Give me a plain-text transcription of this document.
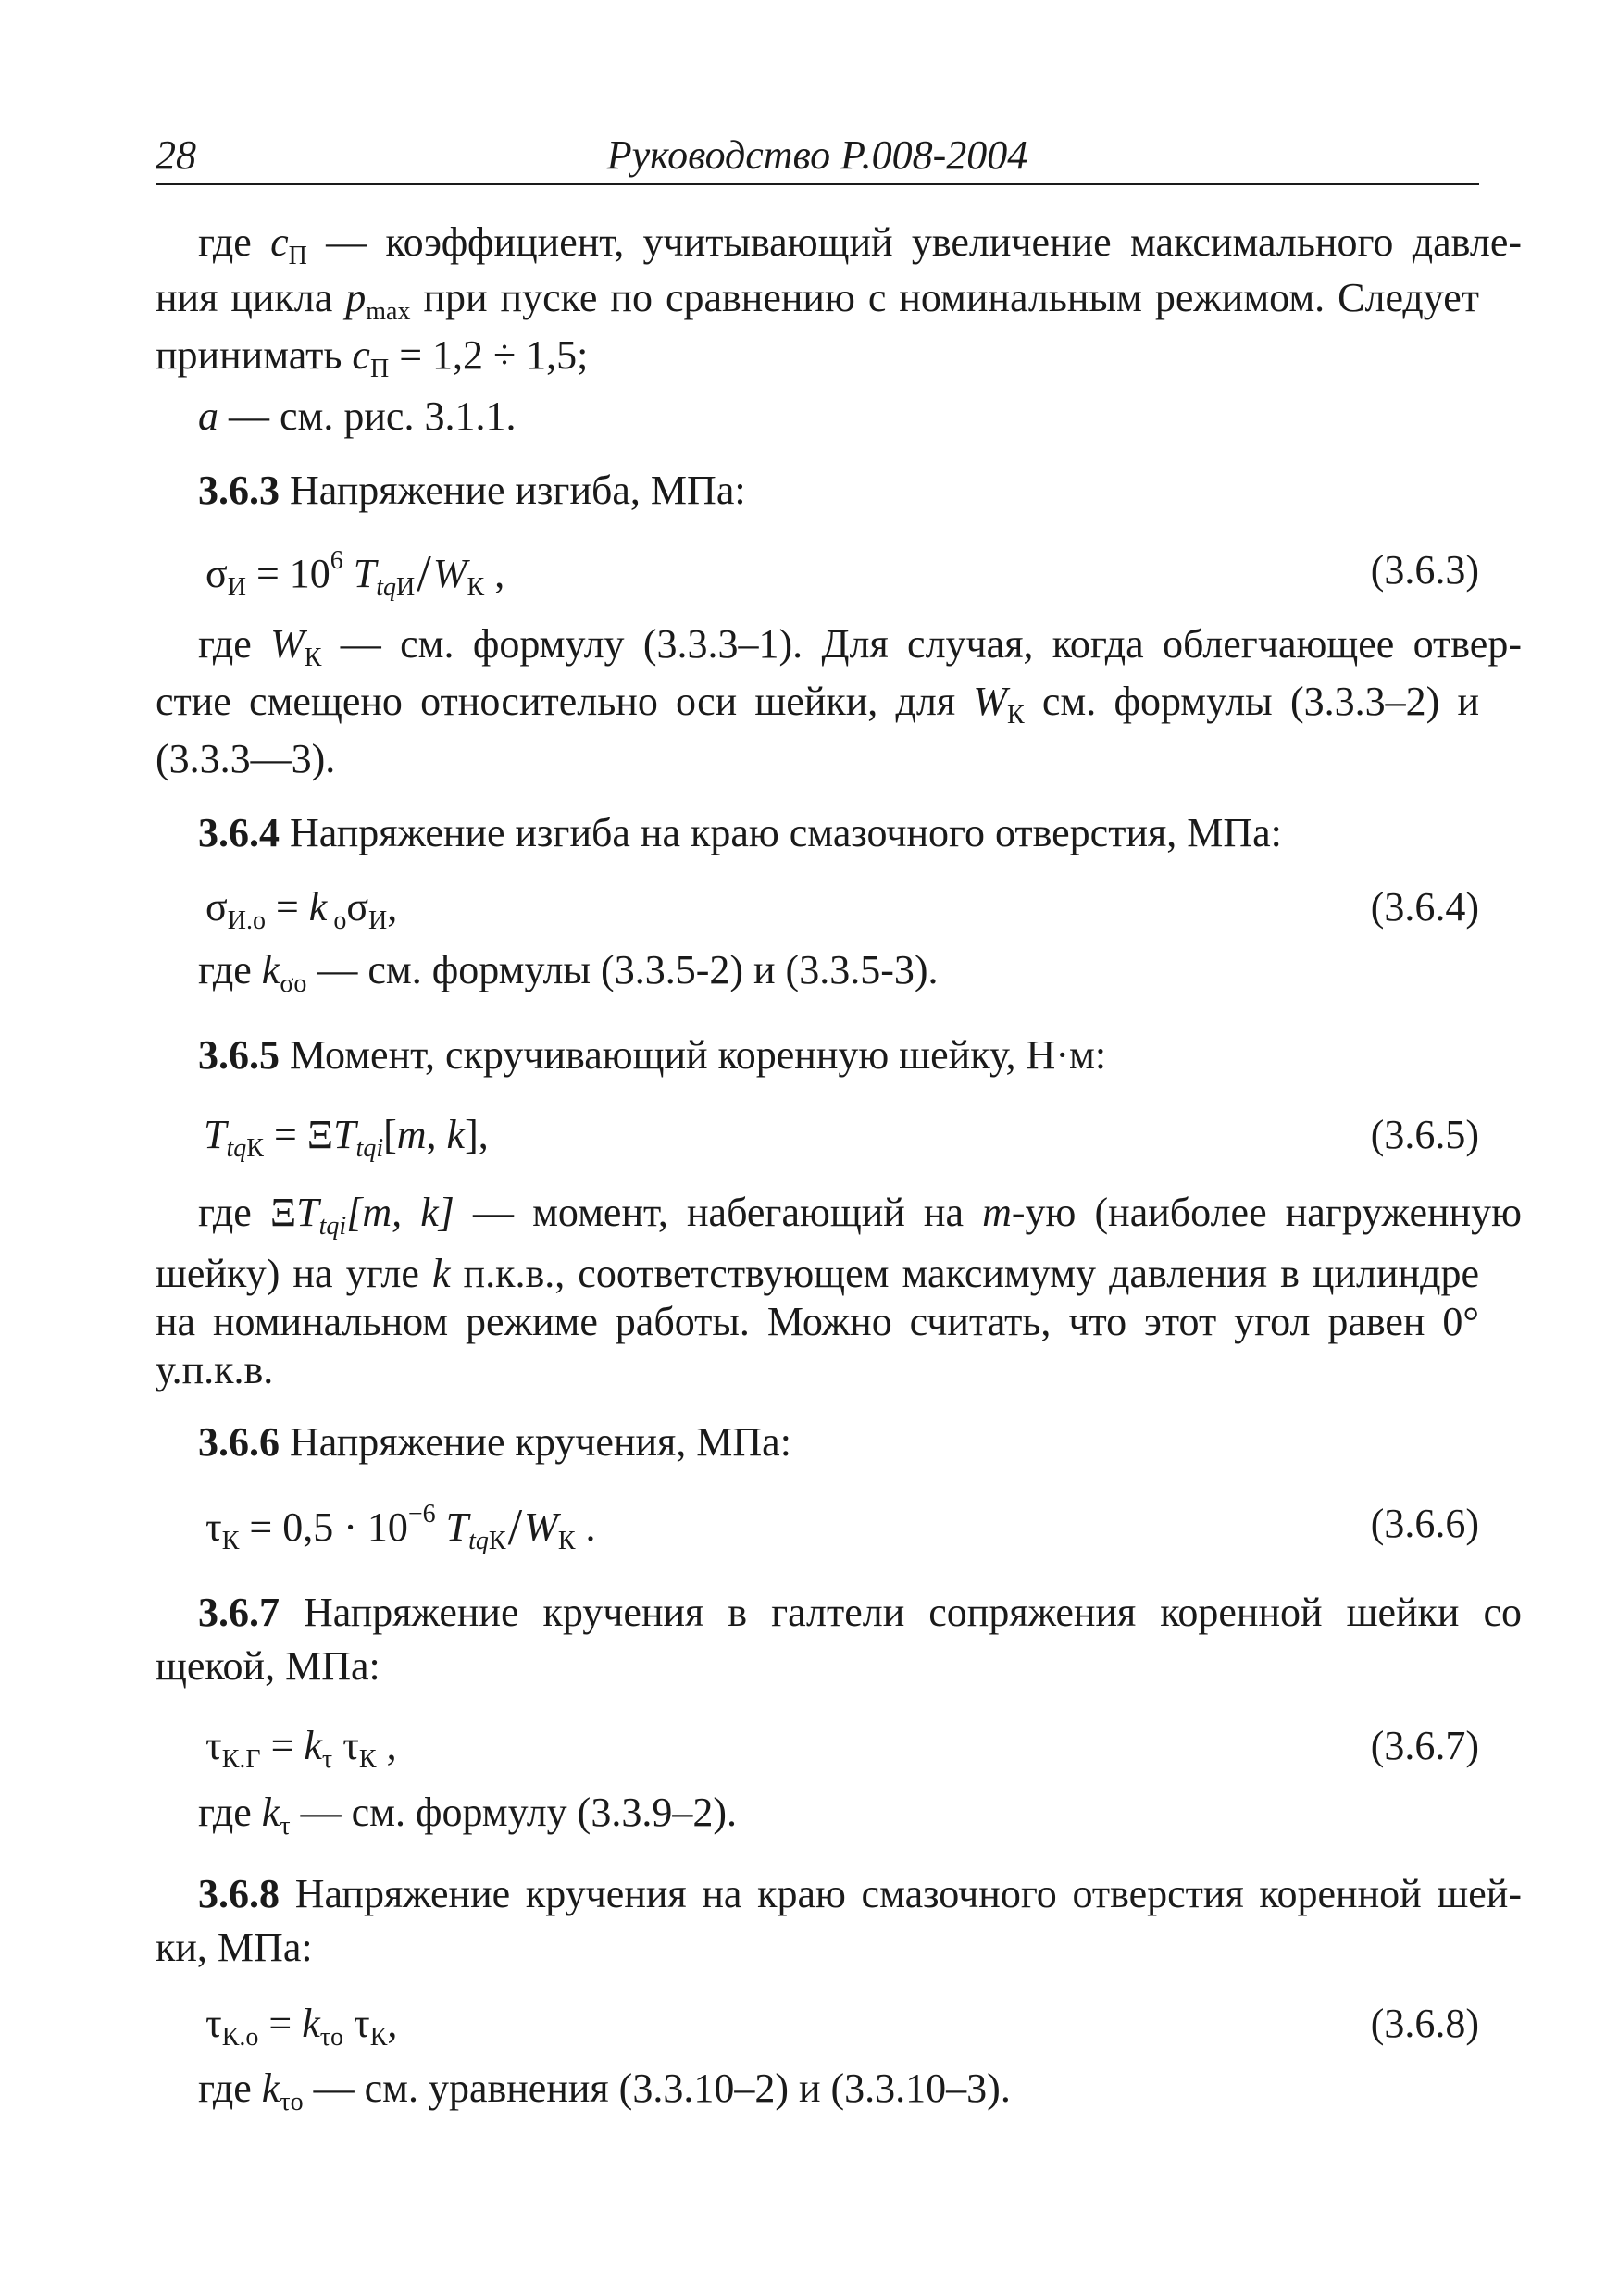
28	Руководство Р.008-2004
где $c_П$ — коэффициент, учитывающий увеличение максимального давле-
ния цикла $p_{max}$ при пуске по сравнению с номинальным режимом. Следует
принимать $c_П = 1,2 \div 1,5$;
a — см. рис. 3.1.1.
3.6.3 Напряжение изгиба, МПа:
$\sigma_И = 10^6$ $T_{tqИ}/W_К$ ,	(3.6.3)
где $W_К$ — см. формулу (3.3.3–1). Для случая, когда облегчающее отвер-
стие смещено относительно оси шейки, для $W_К$ см. формулы (3.3.3–2) и
(3.3.3—3).
3.6.4 Напряжение изгиба на краю смазочного отверстия, МПа:
$\sigma_{И.о} = k$ $_о\sigma_И$,	(3.6.4)
где $k_{\sigma о}$ — см. формулы (3.3.5-2) и (3.3.5-3).
3.6.5 Момент, скручивающий коренную шейку, Н·м:
$T_{tqК} = \Xi T_{tqi}[m$, k],	(3.6.5)
где $\Xi T_{tqi}[m$, k] — момент, набегающий на m-ую (наиболее нагруженную
шейку) на угле k п.к.в., соответствующем максимуму давления в цилиндре
на номинальном режиме работы. Можно считать, что этот угол равен 0°
у.п.к.в.
3.6.6 Напряжение кручения, МПа:
$\tau_К = 0,5 \cdot 10^{-6}$ $T_{tqК}/W_К$ .	(3.6.6)
3.6.7 Напряжение кручения в галтели сопряжения коренной шейки со
щекой, МПа:
$\tau_{К.Г} = k_\tau$ $\tau_К$ ,	(3.6.7)
где $k_\tau$ — см. формулу (3.3.9–2).
3.6.8 Напряжение кручения на краю смазочного отверстия коренной шей-
ки, МПа:
$\tau_{К.о} = k_{\tau о}$ $\tau_К$,	(3.6.8)
где $k_{\tau о}$ — см. уравнения (3.3.10–2) и (3.3.10–3).
